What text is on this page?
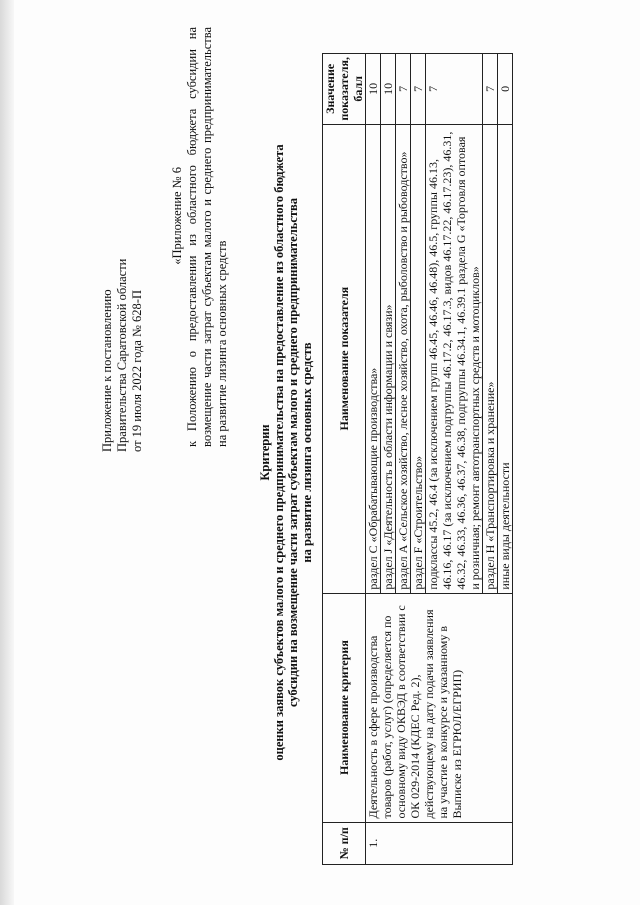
Приложение к постановлению Правительства Саратовской области от 19 июля 2022 года № 628-П
«Приложение № 6 к Положению о предоставлении из областного бюджета субсидии на возмещение части затрат субъектам малого и среднего предпринимательства на развитие лизинга основных средств
Критерии оценки заявок субъектов малого и среднего предпринимательства на предоставление из областного бюджета субсидии на возмещение части затрат субъектам малого и среднего предпринимательства на развитие лизинга основных средств
№ п/п	Наименование критерия	Наименование показателя	Значение показателя, балл
1.	Деятельность в сфере производства товаров (работ, услуг) (определяется по основному виду ОКВЭД в соответствии с ОК 029-2014 (КДЕС Ред. 2), действующему на дату подачи заявления на участие в конкурсе и указанному в Выписке из ЕГРЮЛ/ЕГРИП)	раздел С «Обрабатывающие производства»	10
		раздел J «Деятельность в области информации и связи»	10
		раздел А «Сельское хозяйство, лесное хозяйство, охота, рыболовство и рыбоводство»	7
		раздел F «Строительство»	7
		подклассы 45.2, 46.4 (за исключением групп 46.45, 46.46, 46.48), 46.5, группы 46.13, 46.16, 46.17 (за исключением подгруппы 46.17.2, 46.17.3, видов 46.17.22, 46.17.23), 46.31, 46.32, 46.33, 46.36, 46.37, 46.38, подгруппы 46.34.1, 46.39.1 раздела G «Торговля оптовая и розничная; ремонт автотранспортных средств и мотоциклов»	7
		раздел Н «Транспортировка и хранение»	7
		иные виды деятельности	0
